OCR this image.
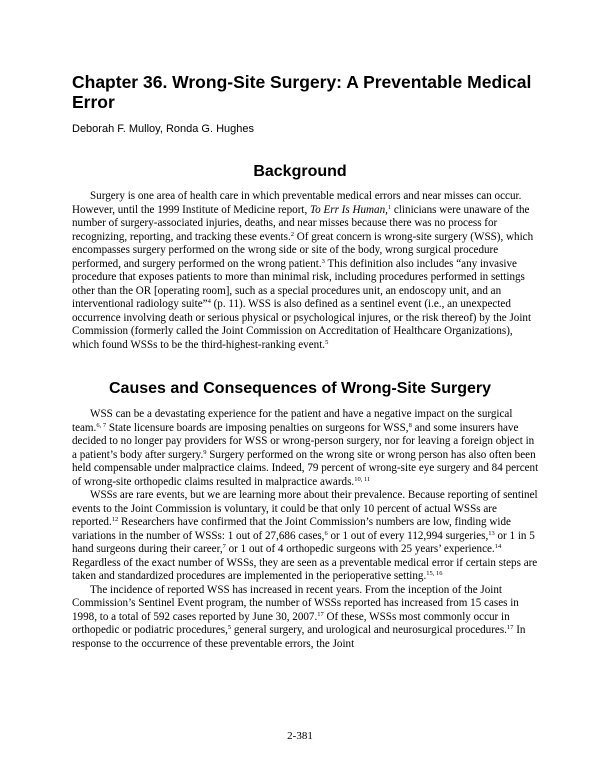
Chapter 36. Wrong-Site Surgery: A Preventable Medical Error
Deborah F. Mulloy, Ronda G. Hughes
Background

Surgery is one area of health care in which preventable medical errors and near misses can occur. However, until the 1999 Institute of Medicine report, To Err Is Human,$^1$ clinicians were unaware of the number of surgery-associated injuries, deaths, and near misses because there was no process for recognizing, reporting, and tracking these events.$^2$ Of great concern is wrong-site surgery (WSS), which encompasses surgery performed on the wrong side or site of the body, wrong surgical procedure performed, and surgery performed on the wrong patient.$^3$ This definition also includes “any invasive procedure that exposes patients to more than minimal risk, including procedures performed in settings other than the OR [operating room], such as a special procedures unit, an endoscopy unit, and an interventional radiology suite”$^4$ (p. 11). WSS is also defined as a sentinel event (i.e., an unexpected occurrence involving death or serious physical or psychological injures, or the risk thereof) by the Joint Commission (formerly called the Joint Commission on Accreditation of Healthcare Organizations), which found WSSs to be the third-highest-ranking event.$^5$

Causes and Consequences of Wrong-Site Surgery

WSS can be a devastating experience for the patient and have a negative impact on the surgical team.$^{6, 7}$ State licensure boards are imposing penalties on surgeons for WSS,$^8$ and some insurers have decided to no longer pay providers for WSS or wrong-person surgery, nor for leaving a foreign object in a patient’s body after surgery.$^9$ Surgery performed on the wrong site or wrong person has also often been held compensable under malpractice claims. Indeed, 79 percent of wrong-site eye surgery and 84 percent of wrong-site orthopedic claims resulted in malpractice awards.$^{10, 11}$

WSSs are rare events, but we are learning more about their prevalence. Because reporting of sentinel events to the Joint Commission is voluntary, it could be that only 10 percent of actual WSSs are reported.$^{12}$ Researchers have confirmed that the Joint Commission’s numbers are low, finding wide variations in the number of WSSs: 1 out of 27,686 cases,$^6$ or 1 out of every 112,994 surgeries,$^{13}$ or 1 in 5 hand surgeons during their career,$^7$ or 1 out of 4 orthopedic surgeons with 25 years’ experience.$^{14}$ Regardless of the exact number of WSSs, they are seen as a preventable medical error if certain steps are taken and standardized procedures are implemented in the perioperative setting.$^{15, 16}$

The incidence of reported WSS has increased in recent years. From the inception of the Joint Commission’s Sentinel Event program, the number of WSSs reported has increased from 15 cases in 1998, to a total of 592 cases reported by June 30, 2007.17 Of these, WSSs most commonly occur in orthopedic or podiatric procedures,$^5$ general surgery, and urological and neurosurgical procedures.$^{17}$ In response to the occurrence of these preventable errors, the Joint

2-381
